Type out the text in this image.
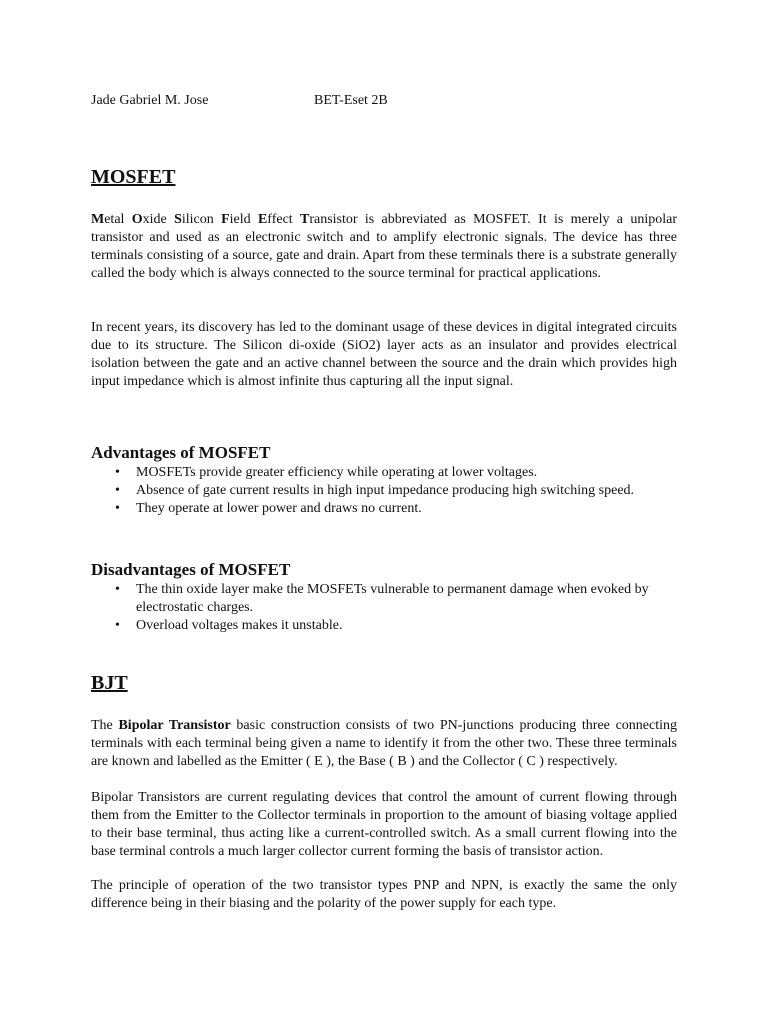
Jade Gabriel M. Jose	BET-Eset 2B
MOSFET

Metal Oxide Silicon Field Effect Transistor is abbreviated as MOSFET. It is merely a unipolar transistor and used as an electronic switch and to amplify electronic signals. The device has three terminals consisting of a source, gate and drain. Apart from these terminals there is a substrate generally called the body which is always connected to the source terminal for practical applications.

In recent years, its discovery has led to the dominant usage of these devices in digital integrated circuits due to its structure. The Silicon di-oxide (SiO2) layer acts as an insulator and provides electrical isolation between the gate and an active channel between the source and the drain which provides high input impedance which is almost infinite thus capturing all the input signal.

Advantages of MOSFET
• MOSFETs provide greater efficiency while operating at lower voltages.
• Absence of gate current results in high input impedance producing high switching speed.
• They operate at lower power and draws no current.
Disadvantages of MOSFET
• The thin oxide layer make the MOSFETs vulnerable to permanent damage when evoked by electrostatic charges.
• Overload voltages makes it unstable.
BJT

The Bipolar Transistor basic construction consists of two PN-junctions producing three connecting terminals with each terminal being given a name to identify it from the other two. These three terminals are known and labelled as the Emitter ( E ), the Base ( B ) and the Collector ( C ) respectively.

Bipolar Transistors are current regulating devices that control the amount of current flowing through them from the Emitter to the Collector terminals in proportion to the amount of biasing voltage applied to their base terminal, thus acting like a current-controlled switch. As a small current flowing into the base terminal controls a much larger collector current forming the basis of transistor action.

The principle of operation of the two transistor types PNP and NPN, is exactly the same the only difference being in their biasing and the polarity of the power supply for each type.
